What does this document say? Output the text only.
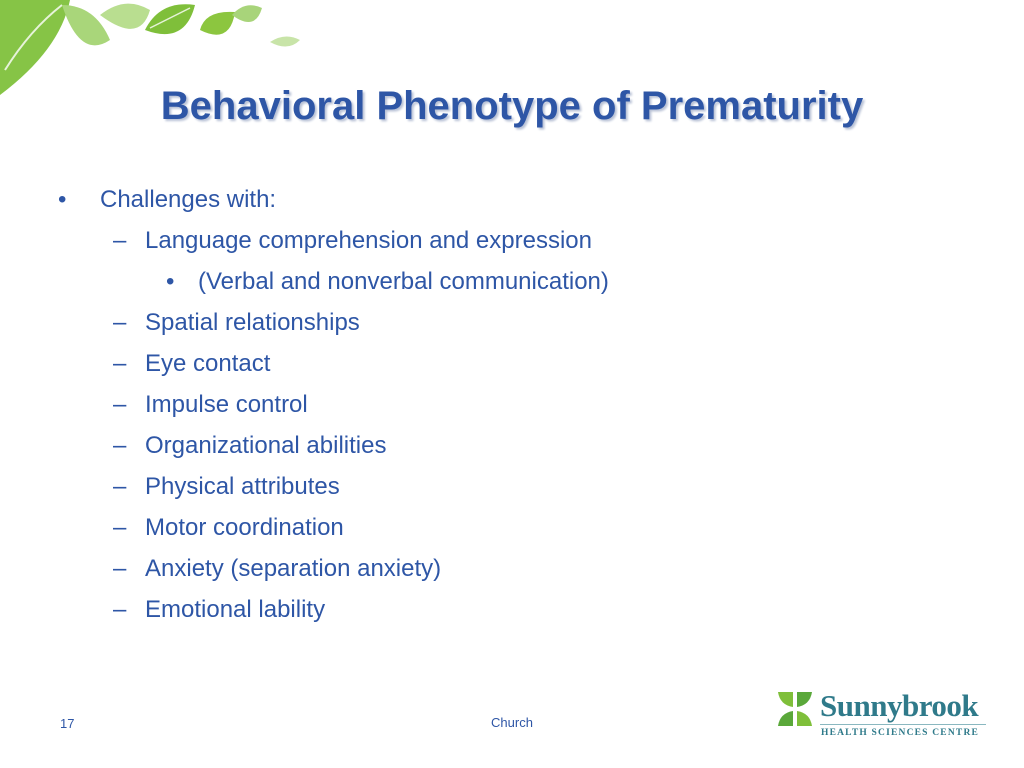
Behavioral Phenotype of Prematurity
• Challenges with:
– Language comprehension and expression
• (Verbal and nonverbal communication)
– Spatial relationships
– Eye contact
– Impulse control
– Organizational abilities
– Physical attributes
– Motor coordination
– Anxiety (separation anxiety)
– Emotional lability
17	Church	Sunnybrook
HEALTH SCIENCES CENTRE
